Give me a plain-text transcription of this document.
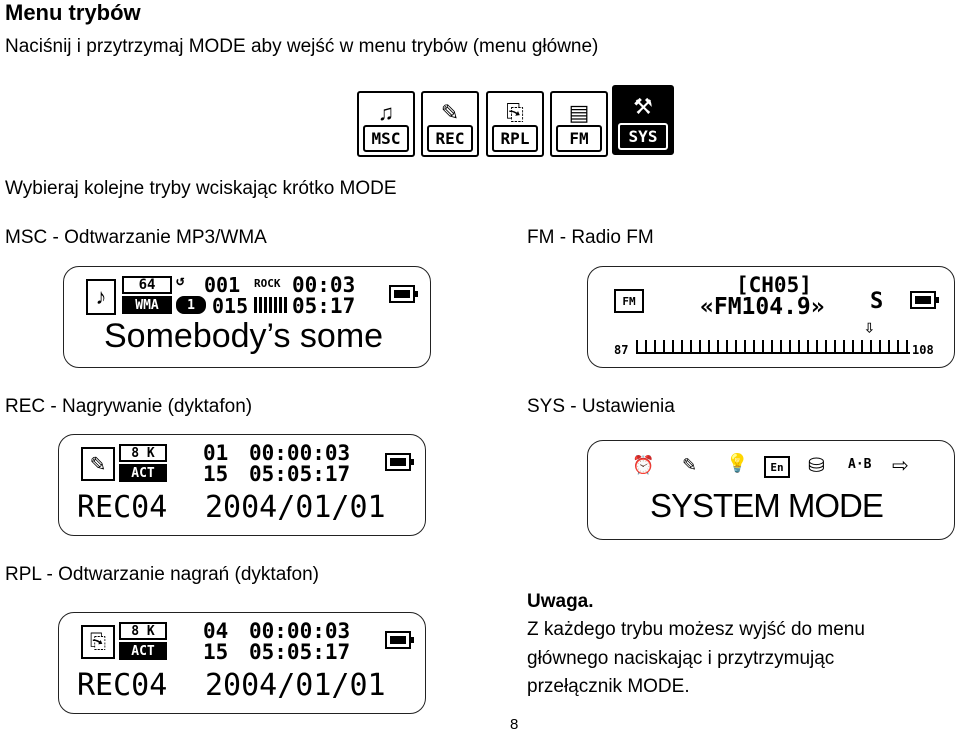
Menu trybów
Naciśnij i przytrzymaj MODE aby wejść w menu trybów (menu główne)
♫
MSC
✎
REC
⎘
RPL
▤
FM
⚒
SYS
Wybieraj kolejne tryby wciskając krótko MODE
MSC - Odtwarzanie MP3/WMA
♪	64
WMA
↺
1
001
015
ROCK 00:03
05:17
Somebody’s some
FM - Radio FM
FM
[CH05]
«FM104.9» S
⇩
87	108
REC - Nagrywanie (dyktafon)
✎
8 K
ACT
01 00:00:03
15 05:05:17
REC04 2004/01/01
SYS - Ustawienia
⏰ ✎ 💡	En	⛁ A·B ⇨
SYSTEM MODE
RPL - Odtwarzanie nagrań (dyktafon)
⎘	8 K
ACT
04 00:00:03
15 05:05:17
REC04 2004/01/01
Uwaga.
Z każdego trybu możesz wyjść do menu
głównego naciskając i przytrzymując
przełącznik MODE.
8
